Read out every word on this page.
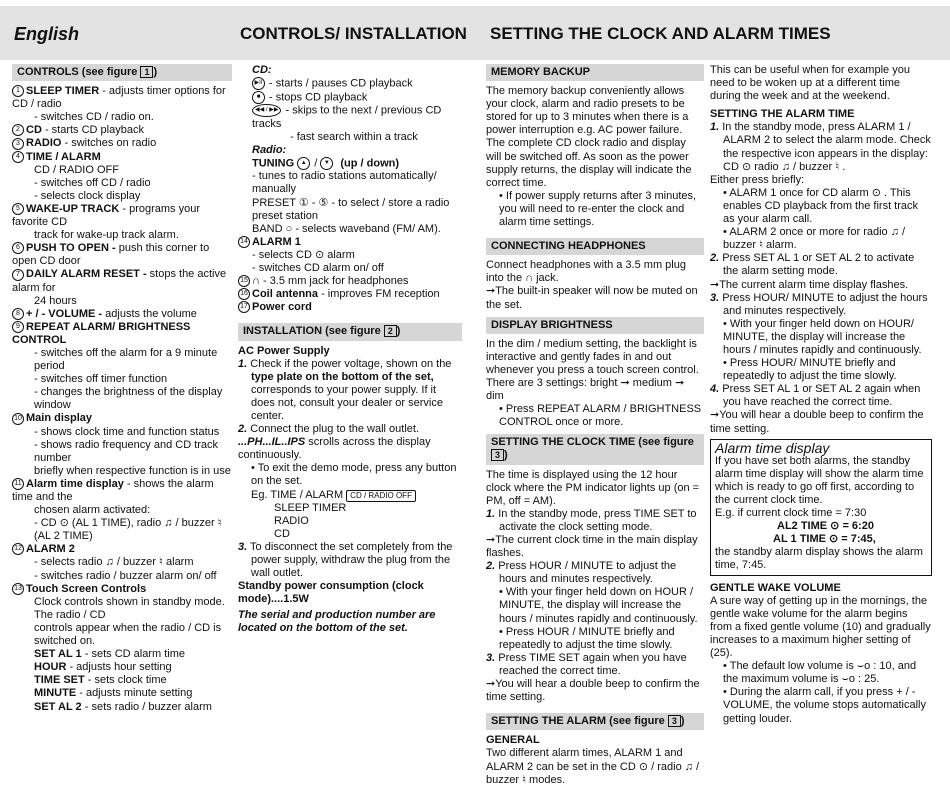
English	CONTROLS/ INSTALLATION SETTING THE CLOCK AND ALARM TIMES
CONTROLS (see figure 1 )
1 SLEEP TIMER - adjusts timer options for CD / radio
- switches CD / radio on.
2 CD - starts CD playback
3 RADIO - switches on radio
4 TIME / ALARM
CD / RADIO OFF
- switches off CD / radio
- selects clock display
5 WAKE-UP TRACK - programs your favorite CD
track for wake-up track alarm.
6 PUSH TO OPEN - push this corner to open CD door
7 DAILY ALARM RESET - stops the active alarm for
24 hours
8 + / - VOLUME - adjusts the volume
9 REPEAT ALARM/ BRIGHTNESS CONTROL
- switches off the alarm for a 9 minute period
- switches off timer function
- changes the brightness of the display window
10 Main display
- shows clock time and function status
- shows radio frequency and CD track number
briefly when respective function is in use
11 Alarm time display - shows the alarm time and the
chosen alarm activated:
- CD ⊙ (AL 1 TIME), radio ♫ / buzzer ♮
(AL 2 TIME)
12 ALARM 2
- selects radio ♫ / buzzer ♮ alarm
- switches radio / buzzer alarm on/ off
13 Touch Screen Controls
Clock controls shown in standby mode. The radio / CD
controls appear when the radio / CD is switched on.
SET AL 1 - sets CD alarm time
HOUR - adjusts hour setting
TIME SET - sets clock time
MINUTE - adjusts minute setting
SET AL 2 - sets radio / buzzer alarm
CD:
▶II - starts / pauses CD playback
■ - stops CD playback
◀◀ / ▶▶ - skips to the next / previous CD tracks
- fast search within a track
Radio:
TUNING ▲ / ▼ (up / down)
- tunes to radio stations automatically/ manually
PRESET ① - ⑤ - to select / store a radio preset station
BAND ○ - selects waveband (FM/ AM).
14 ALARM 1
- selects CD ⊙ alarm
- switches CD alarm on/ off
15 ∩ - 3.5 mm jack for headphones
16 Coil antenna - improves FM reception
17 Power cord
INSTALLATION (see figure 2 )
AC Power Supply
1. Check if the power voltage, shown on the type plate on the bottom of the set, corresponds to your power supply. If it does not, consult your dealer or service center.
2. Connect the plug to the wall outlet.
...PH...IL..IPS scrolls across the display continuously.
• To exit the demo mode, press any button on the set.
Eg. TIME / ALARM CD / RADIO OFF
SLEEP TIMER
RADIO
CD
3. To disconnect the set completely from the power supply, withdraw the plug from the wall outlet.
Standby power consumption (clock mode)....1.5W
The serial and production number are located on the bottom of the set.
MEMORY BACKUP
The memory backup conveniently allows your clock, alarm and radio presets to be stored for up to 3 minutes when there is a power interruption e.g. AC power failure. The complete CD clock radio and display will be switched off. As soon as the power supply returns, the display will indicate the correct time.
• If power supply returns after 3 minutes, you will need to re-enter the clock and alarm time settings.
CONNECTING HEADPHONES
Connect headphones with a 3.5 mm plug into the ∩ jack.
➞The built-in speaker will now be muted on the set.
DISPLAY BRIGHTNESS
In the dim / medium setting, the backlight is interactive and gently fades in and out whenever you press a touch screen control.
There are 3 settings: bright ➞ medium ➞ dim
• Press REPEAT ALARM / BRIGHTNESS CONTROL once or more.
SETTING THE CLOCK TIME (see figure 3 )
The time is displayed using the 12 hour clock where the PM indicator lights up (on = PM, off = AM).
1. In the standby mode, press TIME SET to activate the clock setting mode.
➞The current clock time in the main display flashes.
2. Press HOUR / MINUTE to adjust the hours and minutes respectively.
• With your finger held down on HOUR / MINUTE, the display will increase the hours / minutes rapidly and continuously.
• Press HOUR / MINUTE briefly and repeatedly to adjust the time slowly.
3. Press TIME SET again when you have reached the correct time.
➞You will hear a double beep to confirm the time setting.
SETTING THE ALARM (see figure 3 )
GENERAL
Two different alarm times, ALARM 1 and ALARM 2 can be set in the CD ⊙ / radio ♫ / buzzer ♮ modes.
This can be useful when for example you need to be woken up at a different time during the week and at the weekend.
SETTING THE ALARM TIME
1. In the standby mode, press ALARM 1 / ALARM 2 to select the alarm mode. Check the respective icon appears in the display: CD ⊙ radio ♫ / buzzer ♮ .
Either press briefly:
• ALARM 1 once for CD alarm ⊙ . This enables CD playback from the first track as your alarm call.
• ALARM 2 once or more for radio ♫ / buzzer ♮ alarm.
2. Press SET AL 1 or SET AL 2 to activate the alarm setting mode.
➞The current alarm time display flashes.
3. Press HOUR/ MINUTE to adjust the hours and minutes respectively.
• With your finger held down on HOUR/ MINUTE, the display will increase the hours / minutes rapidly and continuously.
• Press HOUR/ MINUTE briefly and repeatedly to adjust the time slowly.
4. Press SET AL 1 or SET AL 2 again when you have reached the correct time.
➞You will hear a double beep to confirm the time setting.
Alarm time display
If you have set both alarms, the standby alarm time display will show the alarm time which is ready to go off first, according to the current clock time.
E.g. if current clock time = 7:30
AL2 TIME ⊙ = 6:20
AL 1 TIME ⊙ = 7:45,
the standby alarm display shows the alarm time, 7:45.
GENTLE WAKE VOLUME
A sure way of getting up in the mornings, the gentle wake volume for the alarm begins from a fixed gentle volume (10) and gradually increases to a maximum higher setting of (25).
• The default low volume is ⌣o : 10, and the maximum volume is ⌣o : 25.
• During the alarm call, if you press + / - VOLUME, the volume stops automatically getting louder.
